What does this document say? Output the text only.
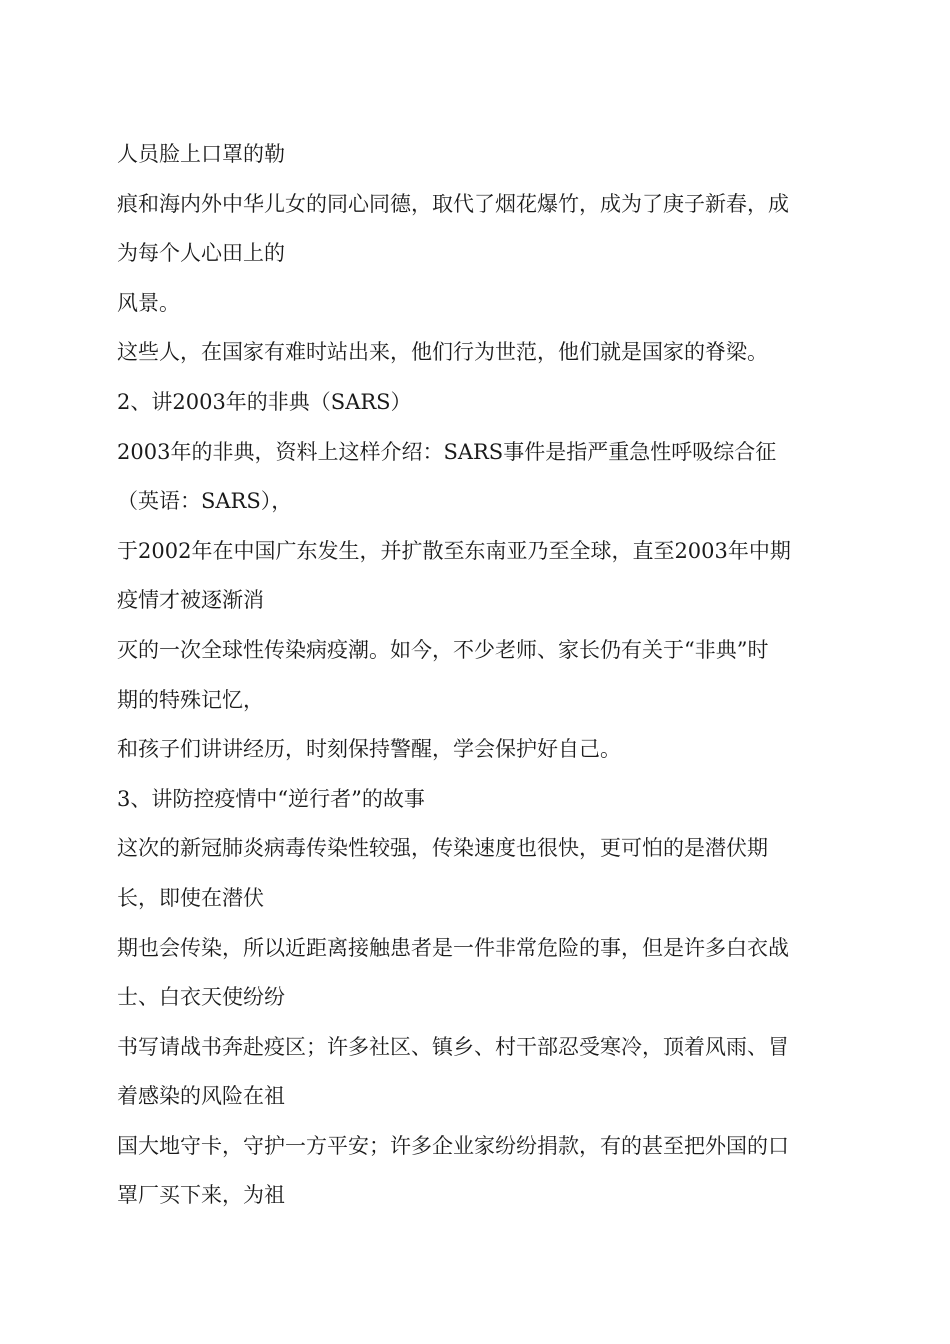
人员脸上口罩的勒
痕和海内外中华儿女的同心同德，取代了烟花爆竹，成为了庚子新春，成
为每个人心田上的
风景。
这些人，在国家有难时站出来，他们行为世范，他们就是国家的脊梁。
2、讲2003年的非典（SARS）
2003年的非典，资料上这样介绍：SARS事件是指严重急性呼吸综合征
（英语：SARS），
于2002年在中国广东发生，并扩散至东南亚乃至全球，直至2003年中期
疫情才被逐渐消
灭的一次全球性传染病疫潮。如今，不少老师、家长仍有关于“非典”时
期的特殊记忆，
和孩子们讲讲经历，时刻保持警醒，学会保护好自己。
3、讲防控疫情中“逆行者”的故事
这次的新冠肺炎病毒传染性较强，传染速度也很快，更可怕的是潜伏期
长，即使在潜伏
期也会传染，所以近距离接触患者是一件非常危险的事，但是许多白衣战
士、白衣天使纷纷
书写请战书奔赴疫区；许多社区、镇乡、村干部忍受寒冷，顶着风雨、冒
着感染的风险在祖
国大地守卡，守护一方平安；许多企业家纷纷捐款，有的甚至把外国的口
罩厂买下来，为祖
